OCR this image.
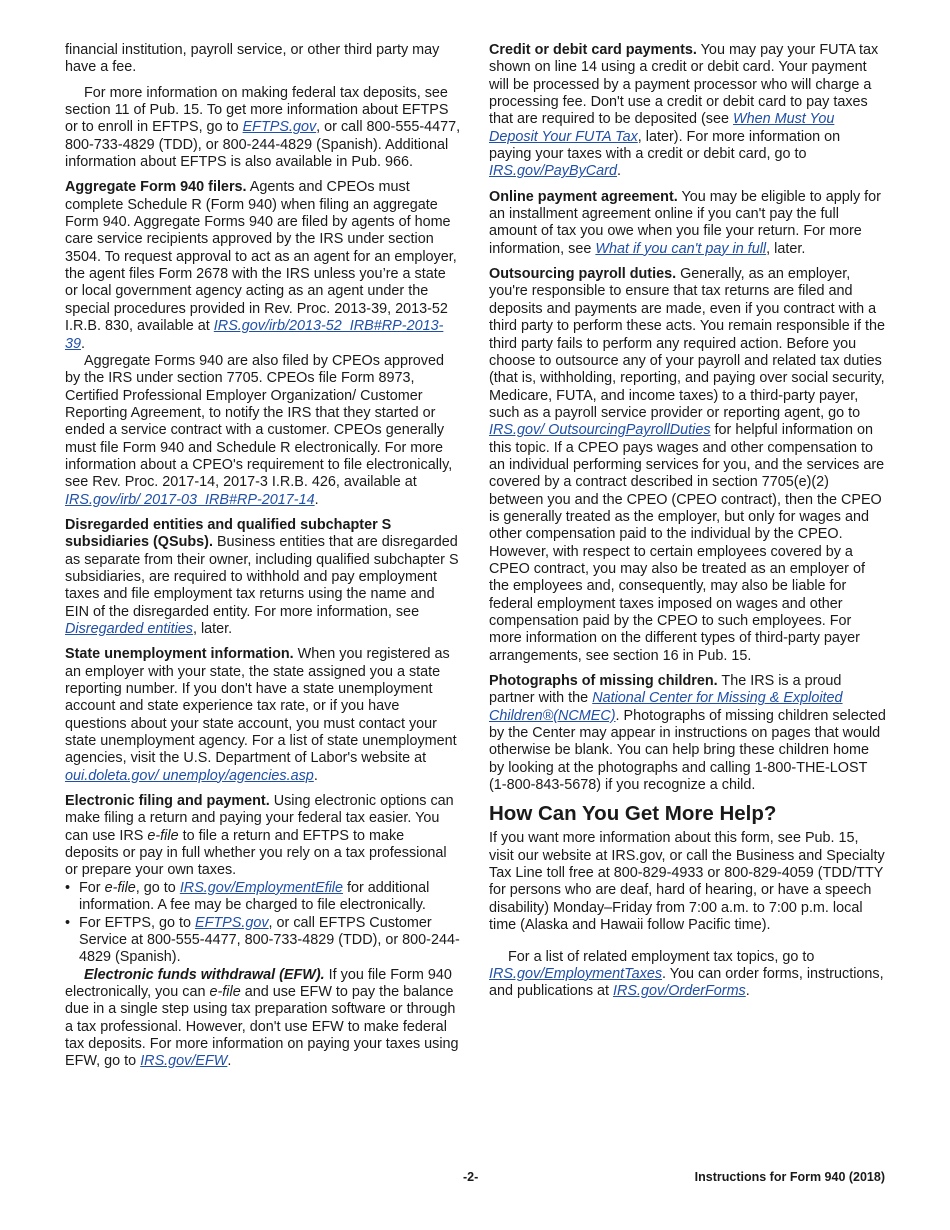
financial institution, payroll service, or other third party may have a fee.

For more information on making federal tax deposits, see section 11 of Pub. 15. To get more information about EFTPS or to enroll in EFTPS, go to EFTPS.gov, or call 800-555-4477, 800-733-4829 (TDD), or 800-244-4829 (Spanish). Additional information about EFTPS is also available in Pub. 966.

Aggregate Form 940 filers. Agents and CPEOs must complete Schedule R (Form 940) when filing an aggregate Form 940. Aggregate Forms 940 are filed by agents of home care service recipients approved by the IRS under section 3504. To request approval to act as an agent for an employer, the agent files Form 2678 with the IRS unless you’re a state or local government agency acting as an agent under the special procedures provided in Rev. Proc. 2013-39, 2013-52 I.R.B. 830, available at IRS.gov/irb/2013-52_IRB#RP-2013-39.

Aggregate Forms 940 are also filed by CPEOs approved by the IRS under section 7705. CPEOs file Form 8973, Certified Professional Employer Organization/ Customer Reporting Agreement, to notify the IRS that they started or ended a service contract with a customer. CPEOs generally must file Form 940 and Schedule R electronically. For more information about a CPEO's requirement to file electronically, see Rev. Proc. 2017-14, 2017-3 I.R.B. 426, available at IRS.gov/irb/ 2017-03_IRB#RP-2017-14.

Disregarded entities and qualified subchapter S subsidiaries (QSubs). Business entities that are disregarded as separate from their owner, including qualified subchapter S subsidiaries, are required to withhold and pay employment taxes and file employment tax returns using the name and EIN of the disregarded entity. For more information, see Disregarded entities, later.

State unemployment information. When you registered as an employer with your state, the state assigned you a state reporting number. If you don't have a state unemployment account and state experience tax rate, or if you have questions about your state account, you must contact your state unemployment agency. For a list of state unemployment agencies, visit the U.S. Department of Labor's website at oui.doleta.gov/ unemploy/agencies.asp.

Electronic filing and payment. Using electronic options can make filing a return and paying your federal tax easier. You can use IRS e-file to file a return and EFTPS to make deposits or pay in full whether you rely on a tax professional or prepare your own taxes.

• For e-file, go to IRS.gov/EmploymentEfile for additional information. A fee may be charged to file electronically.
• For EFTPS, go to EFTPS.gov, or call EFTPS Customer Service at 800-555-4477, 800-733-4829 (TDD), or 800-244-4829 (Spanish).

Electronic funds withdrawal (EFW). If you file Form 940 electronically, you can e-file and use EFW to pay the balance due in a single step using tax preparation software or through a tax professional. However, don't use EFW to make federal tax deposits. For more information on paying your taxes using EFW, go to IRS.gov/EFW.

Credit or debit card payments. You may pay your FUTA tax shown on line 14 using a credit or debit card. Your payment will be processed by a payment processor who will charge a processing fee. Don't use a credit or debit card to pay taxes that are required to be deposited (see When Must You Deposit Your FUTA Tax, later). For more information on paying your taxes with a credit or debit card, go to IRS.gov/PayByCard.

Online payment agreement. You may be eligible to apply for an installment agreement online if you can't pay the full amount of tax you owe when you file your return. For more information, see What if you can't pay in full, later.

Outsourcing payroll duties. Generally, as an employer, you're responsible to ensure that tax returns are filed and deposits and payments are made, even if you contract with a third party to perform these acts. You remain responsible if the third party fails to perform any required action. Before you choose to outsource any of your payroll and related tax duties (that is, withholding, reporting, and paying over social security, Medicare, FUTA, and income taxes) to a third-party payer, such as a payroll service provider or reporting agent, go to IRS.gov/ OutsourcingPayrollDuties for helpful information on this topic. If a CPEO pays wages and other compensation to an individual performing services for you, and the services are covered by a contract described in section 7705(e)(2) between you and the CPEO (CPEO contract), then the CPEO is generally treated as the employer, but only for wages and other compensation paid to the individual by the CPEO. However, with respect to certain employees covered by a CPEO contract, you may also be treated as an employer of the employees and, consequently, may also be liable for federal employment taxes imposed on wages and other compensation paid by the CPEO to such employees. For more information on the different types of third-party payer arrangements, see section 16 in Pub. 15.

Photographs of missing children. The IRS is a proud partner with the National Center for Missing & Exploited Children®(NCMEC). Photographs of missing children selected by the Center may appear in instructions on pages that would otherwise be blank. You can help bring these children home by looking at the photographs and calling 1-800-THE-LOST (1-800-843-5678) if you recognize a child.

How Can You Get More Help?

If you want more information about this form, see Pub. 15, visit our website at IRS.gov, or call the Business and Specialty Tax Line toll free at 800-829-4933 or 800-829-4059 (TDD/TTY for persons who are deaf, hard of hearing, or have a speech disability) Monday–Friday from 7:00 a.m. to 7:00 p.m. local time (Alaska and Hawaii follow Pacific time).

For a list of related employment tax topics, go to IRS.gov/EmploymentTaxes. You can order forms, instructions, and publications at IRS.gov/OrderForms.

-2-	Instructions for Form 940 (2018)
